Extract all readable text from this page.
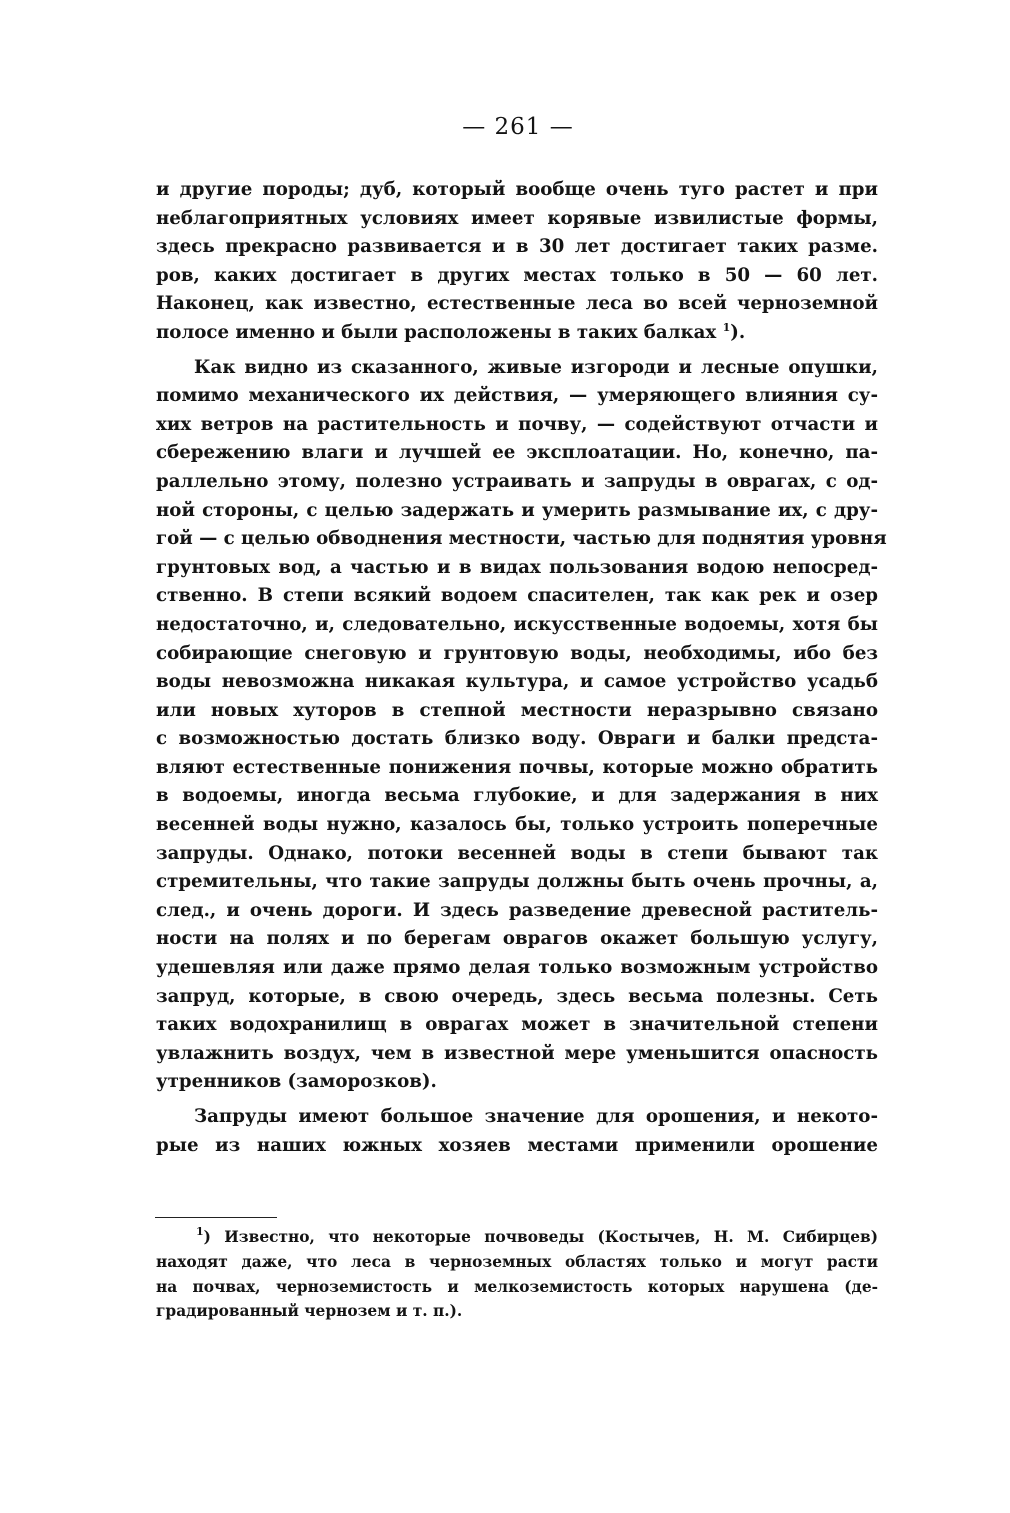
— 261 —
и другие породы; дуб, который вообще очень туго растет и при
неблагоприятных условиях имеет корявые извилистые формы,
здесь прекрасно развивается и в 30 лет достигает таких разме.
ров, каких достигает в других местах только в 50 — 60 лет.
Наконец, как известно, естественные леса во всей черноземной
полосе именно и были расположены в таких балках $^1$).
Как видно из сказанного, живые изгороди и лесные опушки,
помимо механического их действия, — умеряющего влияния су-
хих ветров на растительность и почву, — содействуют отчасти и
сбережению влаги и лучшей ее эксплоатации. Но, конечно, па-
раллельно этому, полезно устраивать и запруды в оврагах, с од-
ной стороны, с целью задержать и умерить размывание их, с дру-
гой — с целью обводнения местности, частью для поднятия уровня
грунтовых вод, а частью и в видах пользования водою непосред-
ственно. В степи всякий водоем спасителен, так как рек и озер
недостаточно, и, следовательно, искусственные водоемы, хотя бы
собирающие снеговую и грунтовую воды, необходимы, ибо без
воды невозможна никакая культура, и самое устройство усадьб
или новых хуторов в степной местности неразрывно связано
с возможностью достать близко воду. Овраги и балки предста-
вляют естественные понижения почвы, которые можно обратить
в водоемы, иногда весьма глубокие, и для задержания в них
весенней воды нужно, казалось бы, только устроить поперечные
запруды. Однако, потоки весенней воды в степи бывают так
стремительны, что такие запруды должны быть очень прочны, а,
след., и очень дороги. И здесь разведение древесной раститель-
ности на полях и по берегам оврагов окажет большую услугу,
удешевляя или даже прямо делая только возможным устройство
запруд, которые, в свою очередь, здесь весьма полезны. Сеть
таких водохранилищ в оврагах может в значительной степени
увлажнить воздух, чем в известной мере уменьшится опасность
утренников (заморозков).
Запруды имеют большое значение для орошения, и некото-
рые из наших южных хозяев местами применили орошение
$^1$) Известно, что некоторые почвоведы (Костычев, Н. М. Сибирцев)
находят даже, что леса в черноземных областях только и могут расти
на почвах, черноземистость и мелкоземистость которых нарушена (де-
градированный чернозем и т. п.).
